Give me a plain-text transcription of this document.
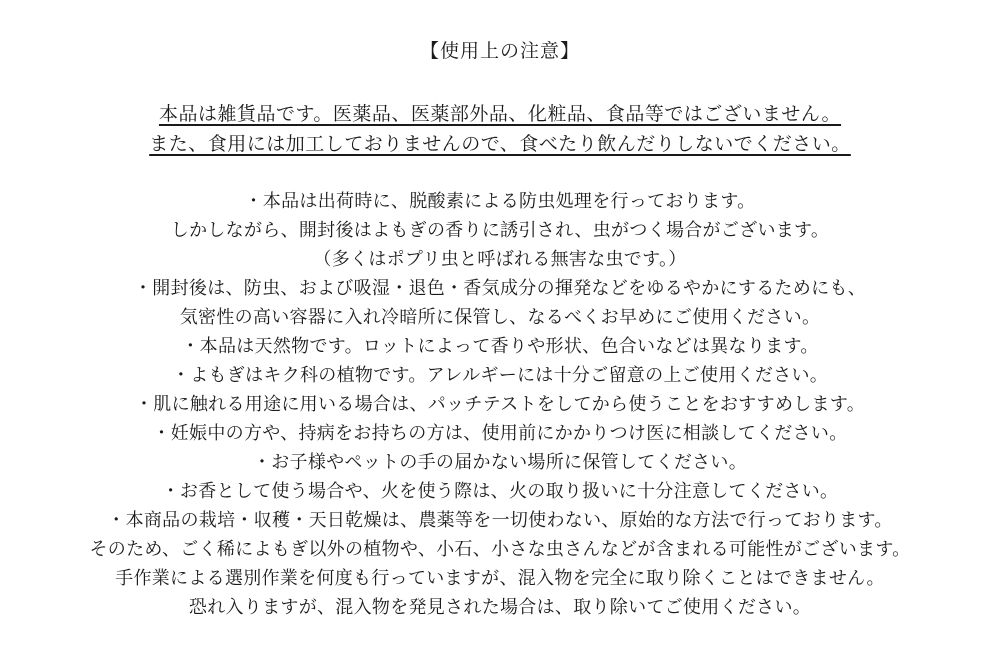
【使用上の注意】
本品は雑貨品です。医薬品、医薬部外品、化粧品、食品等ではございません。
また、食用には加工しておりませんので、食べたり飲んだりしないでください。
・本品は出荷時に、脱酸素による防虫処理を行っております。
しかしながら、開封後はよもぎの香りに誘引され、虫がつく場合がございます。
（多くはポプリ虫と呼ばれる無害な虫です。）
・開封後は、防虫、および吸湿・退色・香気成分の揮発などをゆるやかにするためにも、
気密性の高い容器に入れ冷暗所に保管し、なるべくお早めにご使用ください。
・本品は天然物です。ロットによって香りや形状、色合いなどは異なります。
・よもぎはキク科の植物です。アレルギーには十分ご留意の上ご使用ください。
・肌に触れる用途に用いる場合は、パッチテストをしてから使うことをおすすめします。
・妊娠中の方や、持病をお持ちの方は、使用前にかかりつけ医に相談してください。
・お子様やペットの手の届かない場所に保管してください。
・お香として使う場合や、火を使う際は、火の取り扱いに十分注意してください。
・本商品の栽培・収穫・天日乾燥は、農薬等を一切使わない、原始的な方法で行っております。
そのため、ごく稀によもぎ以外の植物や、小石、小さな虫さんなどが含まれる可能性がございます。
手作業による選別作業を何度も行っていますが、混入物を完全に取り除くことはできません。
恐れ入りますが、混入物を発見された場合は、取り除いてご使用ください。
